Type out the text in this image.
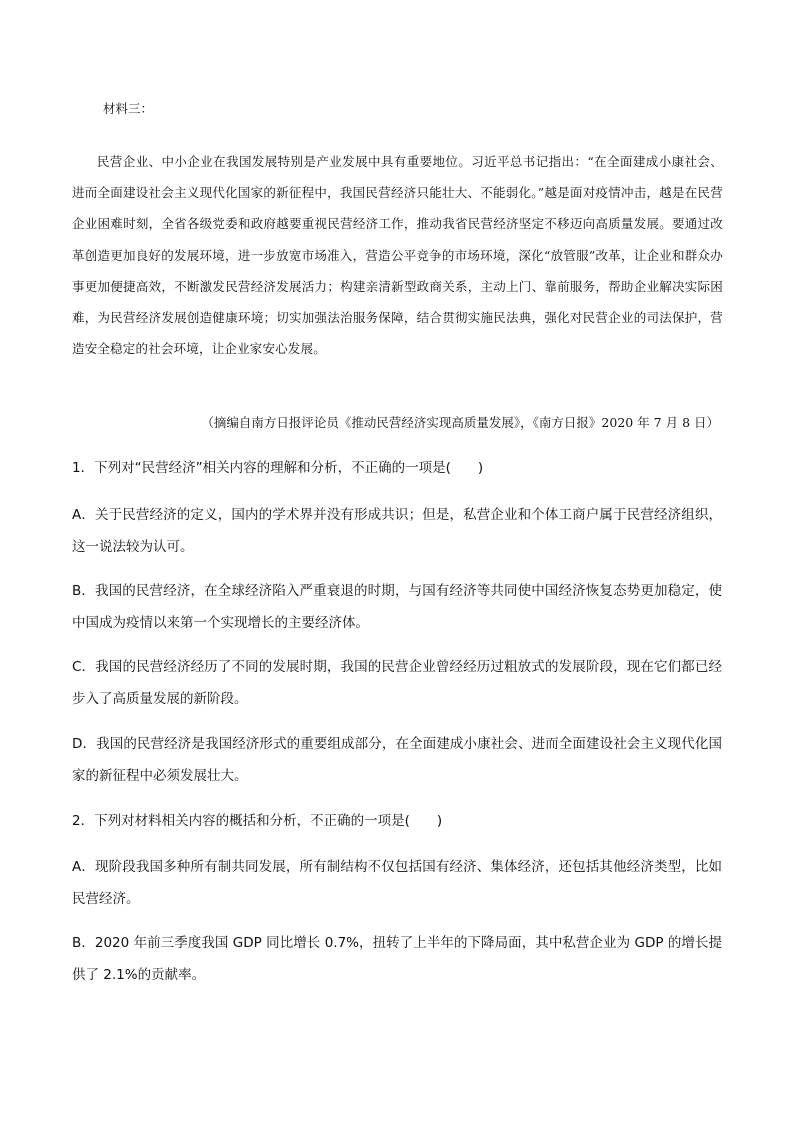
材料三：
民营企业、中小企业在我国发展特别是产业发展中具有重要地位。习近平总书记指出：“在全面建成小康社会、进而全面建设社会主义现代化国家的新征程中，我国民营经济只能壮大、不能弱化。”越是面对疫情冲击，越是在民营企业困难时刻，全省各级党委和政府越要重视民营经济工作，推动我省民营经济坚定不移迈向高质量发展。要通过改革创造更加良好的发展环境，进一步放宽市场准入，营造公平竞争的市场环境，深化“放管服”改革，让企业和群众办事更加便捷高效，不断激发民营经济发展活力；构建亲清新型政商关系，主动上门、靠前服务，帮助企业解决实际困难，为民营经济发展创造健康环境；切实加强法治服务保障，结合贯彻实施民法典，强化对民营企业的司法保护，营造安全稳定的社会环境，让企业家安心发展。
（摘编自南方日报评论员《推动民营经济实现高质量发展》，《南方日报》2020 年 7 月 8 日）
1．下列对“民营经济”相关内容的理解和分析，不正确的一项是(　　)
A．关于民营经济的定义，国内的学术界并没有形成共识；但是，私营企业和个体工商户属于民营经济组织，这一说法较为认可。
B．我国的民营经济，在全球经济陷入严重衰退的时期，与国有经济等共同使中国经济恢复态势更加稳定，使中国成为疫情以来第一个实现增长的主要经济体。
C．我国的民营经济经历了不同的发展时期，我国的民营企业曾经经历过粗放式的发展阶段，现在它们都已经步入了高质量发展的新阶段。
D．我国的民营经济是我国经济形式的重要组成部分，在全面建成小康社会、进而全面建设社会主义现代化国家的新征程中必须发展壮大。
2．下列对材料相关内容的概括和分析，不正确的一项是(　　)
A．现阶段我国多种所有制共同发展，所有制结构不仅包括国有经济、集体经济，还包括其他经济类型，比如民营经济。
B．2020 年前三季度我国 GDP 同比增长 0.7%，扭转了上半年的下降局面，其中私营企业为 GDP 的增长提供了 2.1%的贡献率。
